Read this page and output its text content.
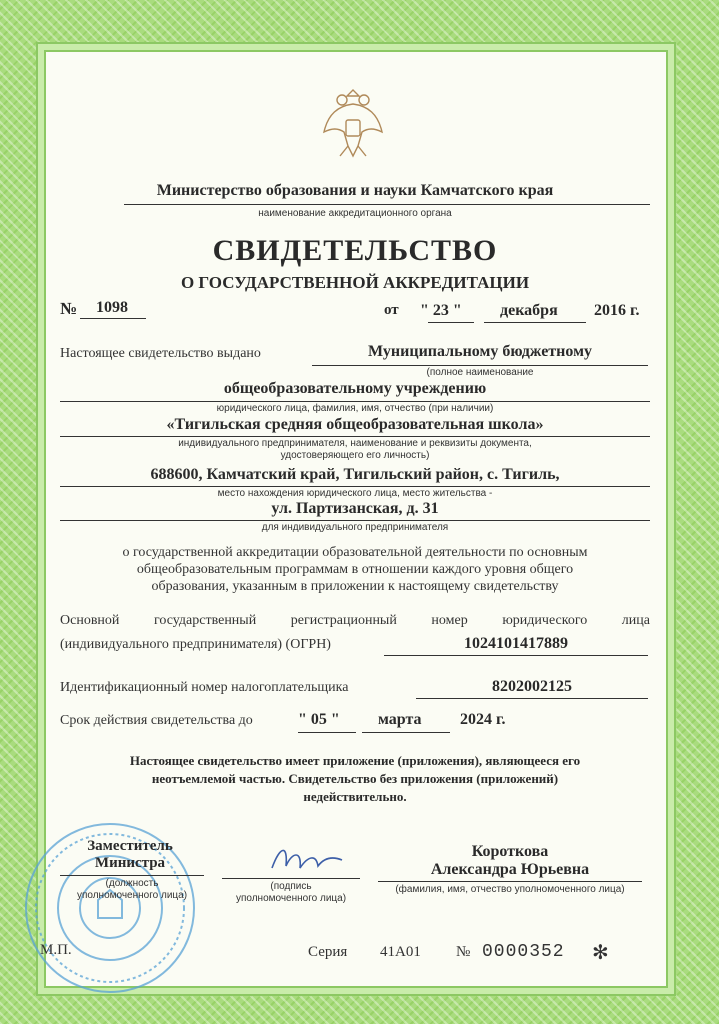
Министерство образования и науки Камчатского края
наименование аккредитационного органа
СВИДЕТЕЛЬСТВО
О ГОСУДАРСТВЕННОЙ АККРЕДИТАЦИИ
№ 1098	от " 23 " декабря 2016 г.
Настоящее свидетельство выдано	Муниципальному бюджетному
(полное наименование
общеобразовательному учреждению
юридического лица, фамилия, имя, отчество (при наличии)
«Тигильская средняя общеобразовательная школа»
индивидуального предпринимателя, наименование и реквизиты документа,
удостоверяющего его личность)
688600, Камчатский край, Тигильский район, с. Тигиль,
место нахождения юридического лица, место жительства -
ул. Партизанская, д. 31
для индивидуального предпринимателя
о государственной аккредитации образовательной деятельности по основным
общеобразовательным программам в отношении каждого уровня общего
образования, указанным в приложении к настоящему свидетельству
Основной государственный регистрационный номер юридического лица
(индивидуального предпринимателя) (ОГРН)	1024101417889
Идентификационный номер налогоплательщика	8202002125
Срок действия свидетельства до	" 05 " марта 2024 г.
Настоящее свидетельство имеет приложение (приложения), являющееся его
неотъемлемой частью. Свидетельство без приложения (приложений)
недействительно.
Заместитель
Министра
(должность
уполномоченного лица)
(подпись
уполномоченного лица)
Короткова
Александра Юрьевна
(фамилия, имя, отчество уполномоченного лица)
М.П.	Серия 41А01 № 0000352 ✻
